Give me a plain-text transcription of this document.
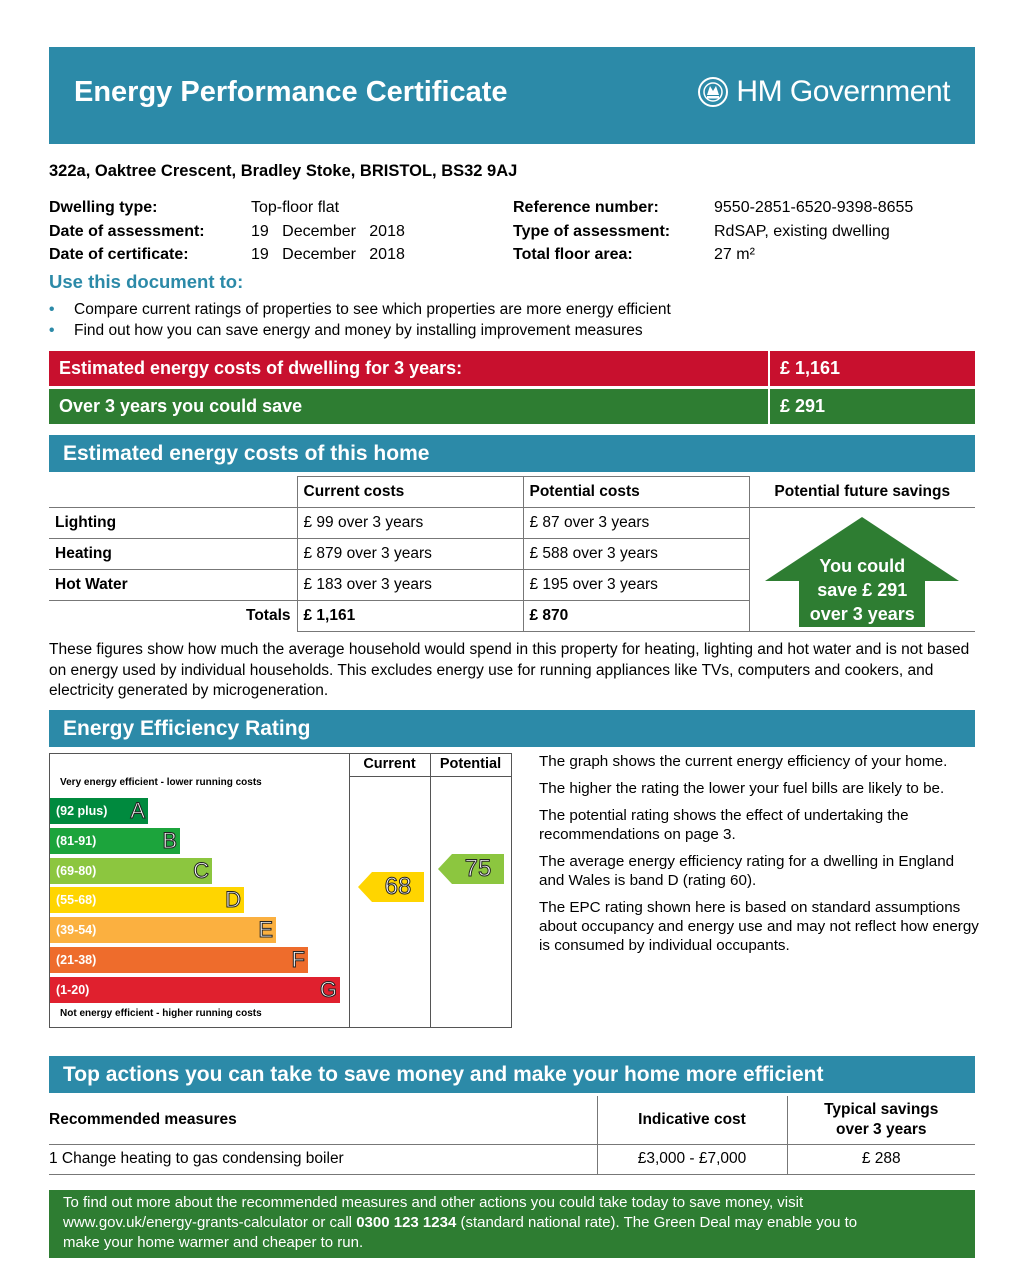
Energy Performance Certificate	HM Government
322a, Oaktree Crescent, Bradley Stoke, BRISTOL, BS32 9AJ
Dwelling type:	Top-floor flat
Date of assessment:	19   December   2018
Date of certificate:	19   December   2018
Reference number:	9550-2851-6520-9398-8655
Type of assessment:	RdSAP, existing dwelling
Total floor area:	27 m²
Use this document to:
•	Compare current ratings of properties to see which properties are more energy efficient
•	Find out how you can save energy and money by installing improvement measures
Estimated energy costs of dwelling for 3 years:	£ 1,161
Over 3 years you could save	£ 291
Estimated energy costs of this home
	Current costs	Potential costs	Potential future savings
Lighting	£ 99 over 3 years	£ 87 over 3 years	You could
save £ 291
over 3 years

Heating	£ 879 over 3 years	£ 588 over 3 years	
Hot Water	£ 183 over 3 years	£ 195 over 3 years	
Totals	£ 1,161	£ 870	
These figures show how much the average household would spend in this property for heating, lighting and hot water and is not based on energy used by individual households. This excludes energy use for running appliances like TVs, computers and cookers, and electricity generated by microgeneration.
Energy Efficiency Rating
Current	Potential
Very energy efficient - lower running costs
(92 plus) A
(81-91)	B
(69-80)	C
(55-68)	D
(39-54)	E
(21-38)	F
(1-20)	G
Not energy efficient - higher running costs
68
75

The graph shows the current energy efficiency of your home.

The higher the rating the lower your fuel bills are likely to be.

The potential rating shows the effect of undertaking the recommendations on page 3.

The average energy efficiency rating for a dwelling in England and Wales is band D (rating 60).

The EPC rating shown here is based on standard assumptions about occupancy and energy use and may not reflect how energy is consumed by individual occupants.

Top actions you can take to save money and make your home more efficient
Recommended measures	Indicative cost	Typical savings
over 3 years

1 Change heating to gas condensing boiler	£3,000 - £7,000	£ 288
To find out more about the recommended measures and other actions you could take today to save money, visit
www.gov.uk/energy-grants-calculator or call 0300 123 1234 (standard national rate). The Green Deal may enable you to
make your home warmer and cheaper to run.
